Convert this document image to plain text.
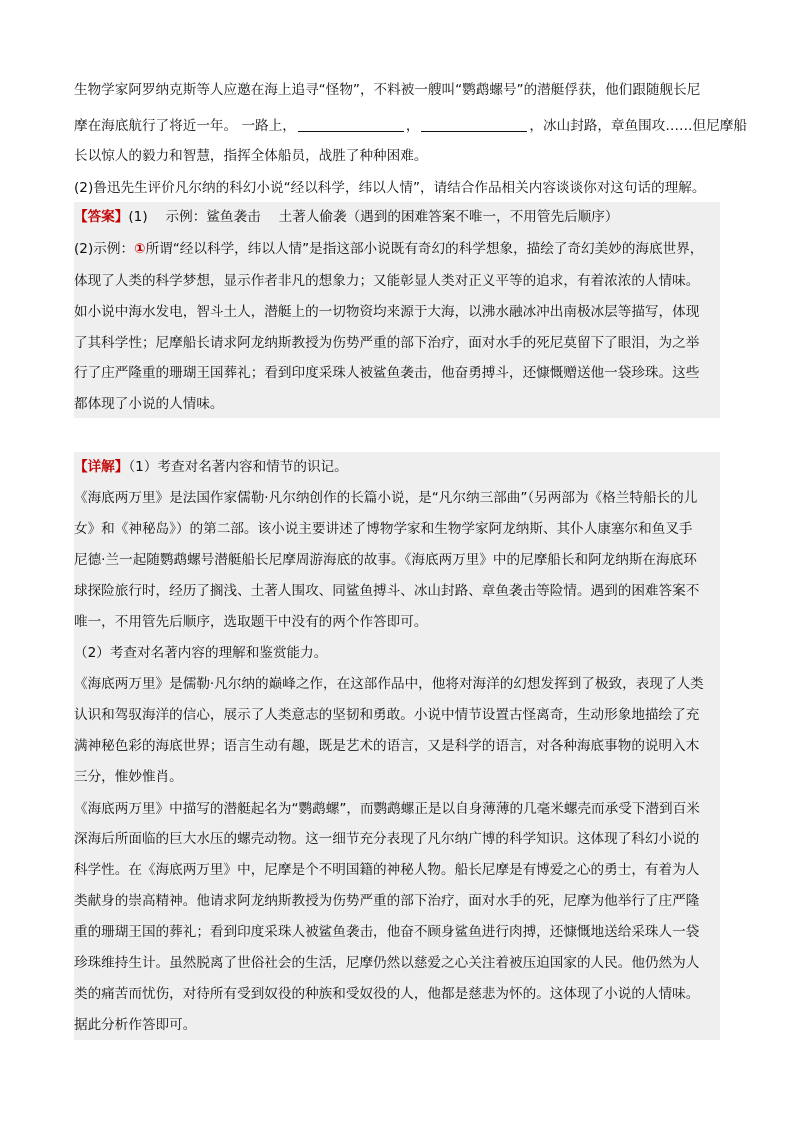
生物学家阿罗纳克斯等人应邀在海上追寻“怪物”，不料被一艘叫“鹦鹉螺号”的潜艇俘获，他们跟随舰长尼
摩在海底航行了将近一年。 一路上，	，	，冰山封路，章鱼围攻……但尼摩船
长以惊人的毅力和智慧，指挥全体船员，战胜了种种困难。
(2)鲁迅先生评价凡尔纳的科幻小说“经以科学，纬以人情”，请结合作品相关内容谈谈你对这句话的理解。
【答案】(1)　 示例：鲨鱼袭击　 土著人偷袭（遇到的困难答案不唯一，不用管先后顺序）
(2)示例：①所谓“经以科学，纬以人情”是指这部小说既有奇幻的科学想象，描绘了奇幻美妙的海底世界，
体现了人类的科学梦想，显示作者非凡的想象力；又能彰显人类对正义平等的追求，有着浓浓的人情味。
如小说中海水发电，智斗土人，潜艇上的一切物资均来源于大海，以沸水融冰冲出南极冰层等描写，体现
了其科学性；尼摩船长请求阿龙纳斯教授为伤势严重的部下治疗，面对水手的死尼莫留下了眼泪，为之举
行了庄严隆重的珊瑚王国葬礼；看到印度采珠人被鲨鱼袭击，他奋勇搏斗，还慷慨赠送他一袋珍珠。这些
都体现了小说的人情味。
【详解】（1）考查对名著内容和情节的识记。
《海底两万里》是法国作家儒勒·凡尔纳创作的长篇小说，是“凡尔纳三部曲”（另两部为《格兰特船长的儿
女》和《神秘岛》）的第二部。该小说主要讲述了博物学家和生物学家阿龙纳斯、其仆人康塞尔和鱼叉手
尼德·兰一起随鹦鹉螺号潜艇船长尼摩周游海底的故事。《海底两万里》中的尼摩船长和阿龙纳斯在海底环
球探险旅行时，经历了搁浅、土著人围攻、同鲨鱼搏斗、冰山封路、章鱼袭击等险情。遇到的困难答案不
唯一，不用管先后顺序，选取题干中没有的两个作答即可。
（2）考查对名著内容的理解和鉴赏能力。
《海底两万里》是儒勒·凡尔纳的巅峰之作，在这部作品中，他将对海洋的幻想发挥到了极致，表现了人类
认识和驾驭海洋的信心，展示了人类意志的坚韧和勇敢。小说中情节设置古怪离奇，生动形象地描绘了充
满神秘色彩的海底世界；语言生动有趣，既是艺术的语言，又是科学的语言，对各种海底事物的说明入木
三分，惟妙惟肖。
《海底两万里》中描写的潜艇起名为“鹦鹉螺”，而鹦鹉螺正是以自身薄薄的几毫米螺壳而承受下潜到百米
深海后所面临的巨大水压的螺壳动物。这一细节充分表现了凡尔纳广博的科学知识。这体现了科幻小说的
科学性。在《海底两万里》中，尼摩是个不明国籍的神秘人物。船长尼摩是有博爱之心的勇士，有着为人
类献身的崇高精神。他请求阿龙纳斯教授为伤势严重的部下治疗，面对水手的死，尼摩为他举行了庄严隆
重的珊瑚王国的葬礼；看到印度采珠人被鲨鱼袭击，他奋不顾身鲨鱼进行肉搏，还慷慨地送给采珠人一袋
珍珠维持生计。虽然脱离了世俗社会的生活，尼摩仍然以慈爱之心关注着被压迫国家的人民。他仍然为人
类的痛苦而忧伤，对待所有受到奴役的种族和受奴役的人，他都是慈悲为怀的。这体现了小说的人情味。
据此分析作答即可。
